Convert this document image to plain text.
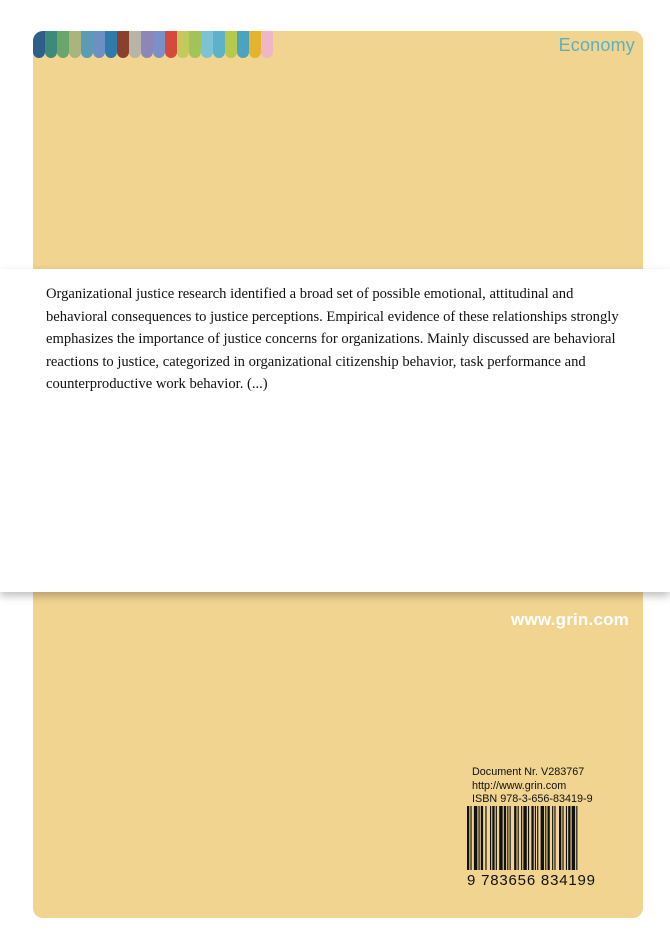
Economy

Organizational justice research identified a broad set of possible emotional, attitudinal and behavioral consequences to justice perceptions. Empirical evidence of these relationships strongly emphasizes the importance of justice concerns for organizations. Mainly discussed are behavioral reactions to justice, categorized in organizational citizenship behavior, task performance and counterproductive work behavior. (...)

www.grin.com
Document Nr. V283767
http://www.grin.com
ISBN 978-3-656-83419-9
9 783656 834199
